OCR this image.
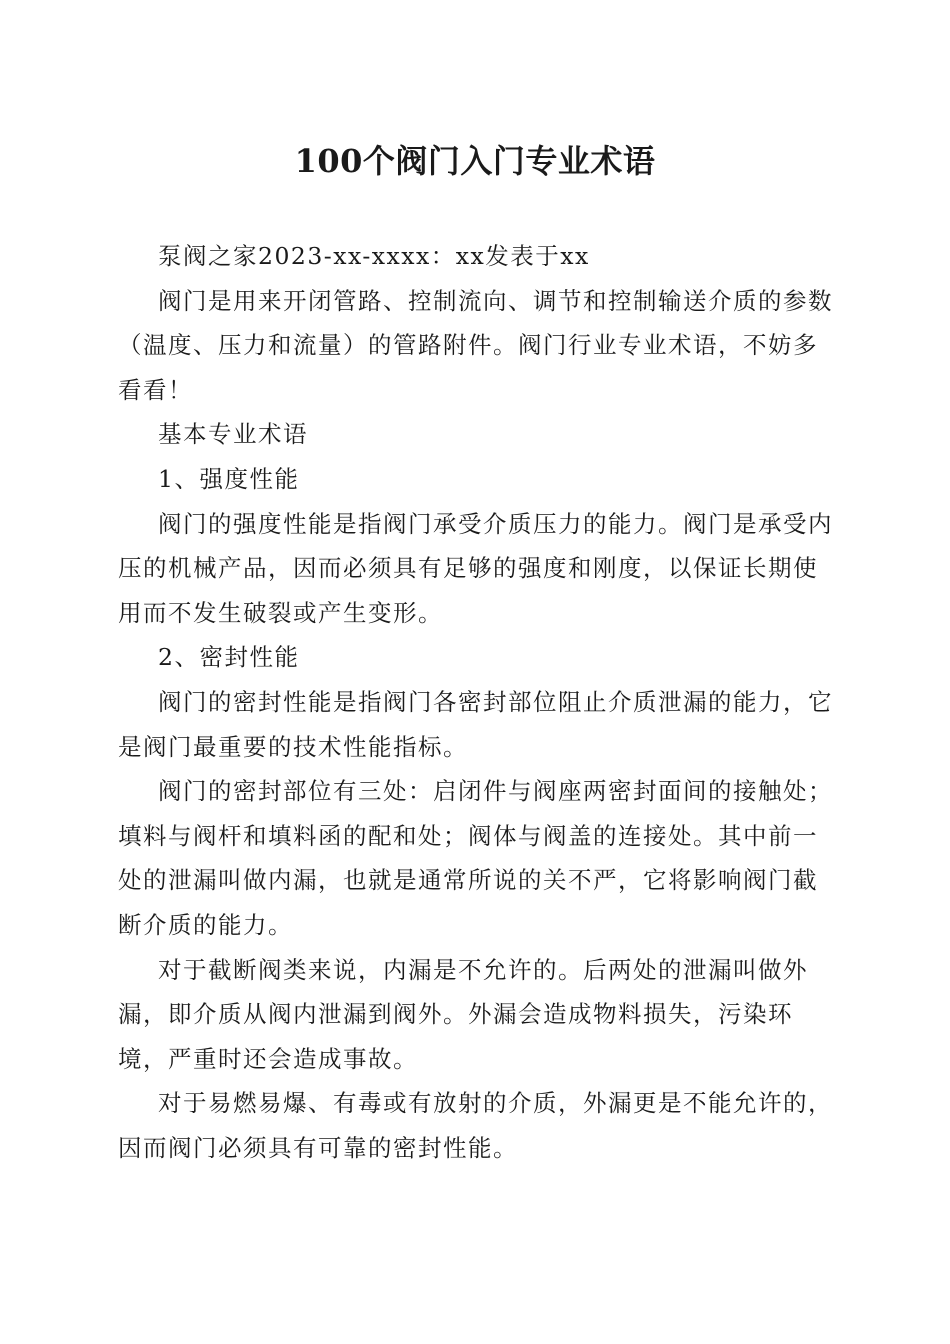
100个阀门入门专业术语

泵阀之家2023-xx-xxxx：xx发表于xx

阀门是用来开闭管路、控制流向、调节和控制输送介质的参数（温度、压力和流量）的管路附件。阀门行业专业术语，不妨多看看！

基本专业术语

1、强度性能

阀门的强度性能是指阀门承受介质压力的能力。阀门是承受内压的机械产品，因而必须具有足够的强度和刚度，以保证长期使用而不发生破裂或产生变形。

2、密封性能

阀门的密封性能是指阀门各密封部位阻止介质泄漏的能力，它是阀门最重要的技术性能指标。

阀门的密封部位有三处：启闭件与阀座两密封面间的接触处；填料与阀杆和填料函的配和处；阀体与阀盖的连接处。其中前一处的泄漏叫做内漏，也就是通常所说的关不严，它将影响阀门截断介质的能力。

对于截断阀类来说，内漏是不允许的。后两处的泄漏叫做外漏，即介质从阀内泄漏到阀外。外漏会造成物料损失，污染环境，严重时还会造成事故。

对于易燃易爆、有毒或有放射的介质，外漏更是不能允许的，因而阀门必须具有可靠的密封性能。
